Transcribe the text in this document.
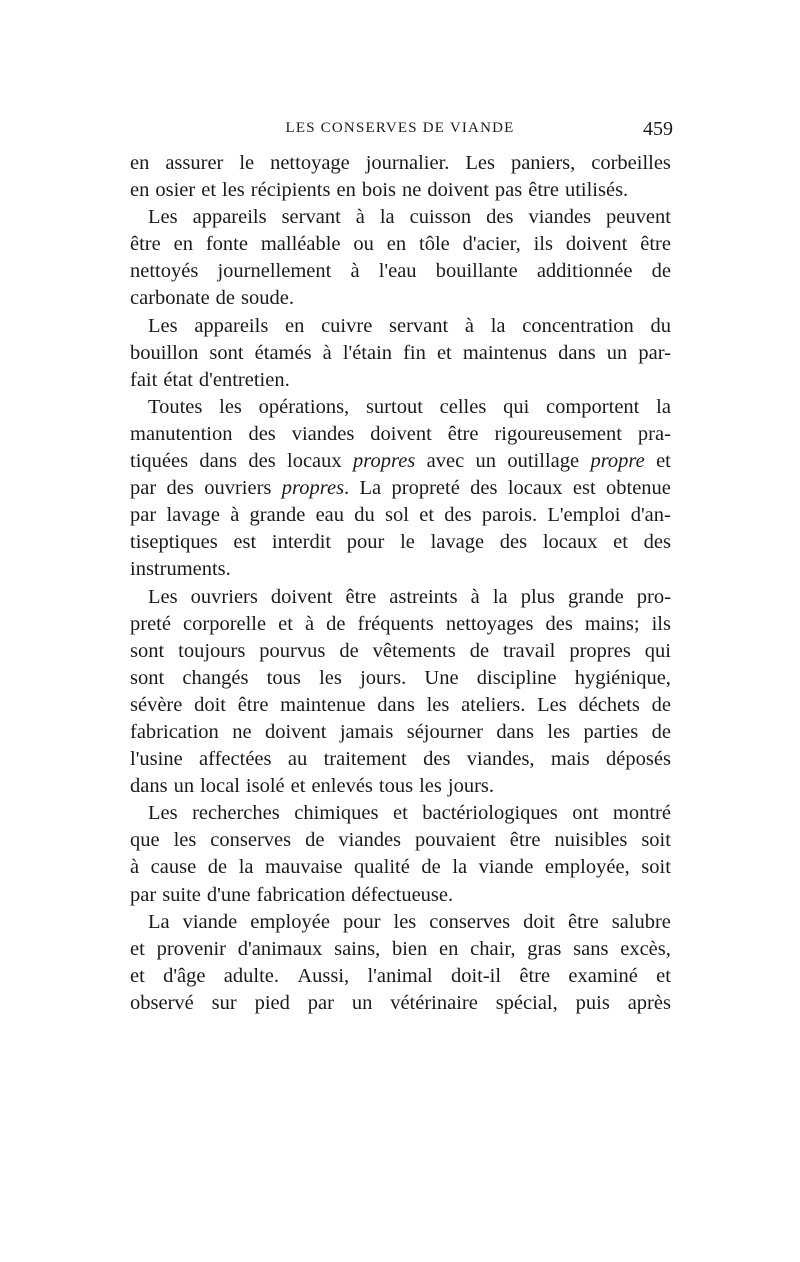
LES CONSERVES DE VIANDE	459
en assurer le nettoyage journalier. Les paniers, corbeilles
en osier et les récipients en bois ne doivent pas être utilisés.
Les appareils servant à la cuisson des viandes peuvent
être en fonte malléable ou en tôle d'acier, ils doivent être
nettoyés journellement à l'eau bouillante additionnée de
carbonate de soude.
Les appareils en cuivre servant à la concentration du
bouillon sont étamés à l'étain fin et maintenus dans un par-
fait état d'entretien.
Toutes les opérations, surtout celles qui comportent la
manutention des viandes doivent être rigoureusement pra-
tiquées dans des locaux propres avec un outillage propre et
par des ouvriers propres. La propreté des locaux est obtenue
par lavage à grande eau du sol et des parois. L'emploi d'an-
tiseptiques est interdit pour le lavage des locaux et des
instruments.
Les ouvriers doivent être astreints à la plus grande pro-
preté corporelle et à de fréquents nettoyages des mains; ils
sont toujours pourvus de vêtements de travail propres qui
sont changés tous les jours. Une discipline hygiénique,
sévère doit être maintenue dans les ateliers. Les déchets de
fabrication ne doivent jamais séjourner dans les parties de
l'usine affectées au traitement des viandes, mais déposés
dans un local isolé et enlevés tous les jours.
Les recherches chimiques et bactériologiques ont montré
que les conserves de viandes pouvaient être nuisibles soit
à cause de la mauvaise qualité de la viande employée, soit
par suite d'une fabrication défectueuse.
La viande employée pour les conserves doit être salubre
et provenir d'animaux sains, bien en chair, gras sans excès,
et d'âge adulte. Aussi, l'animal doit-il être examiné et
observé sur pied par un vétérinaire spécial, puis après
